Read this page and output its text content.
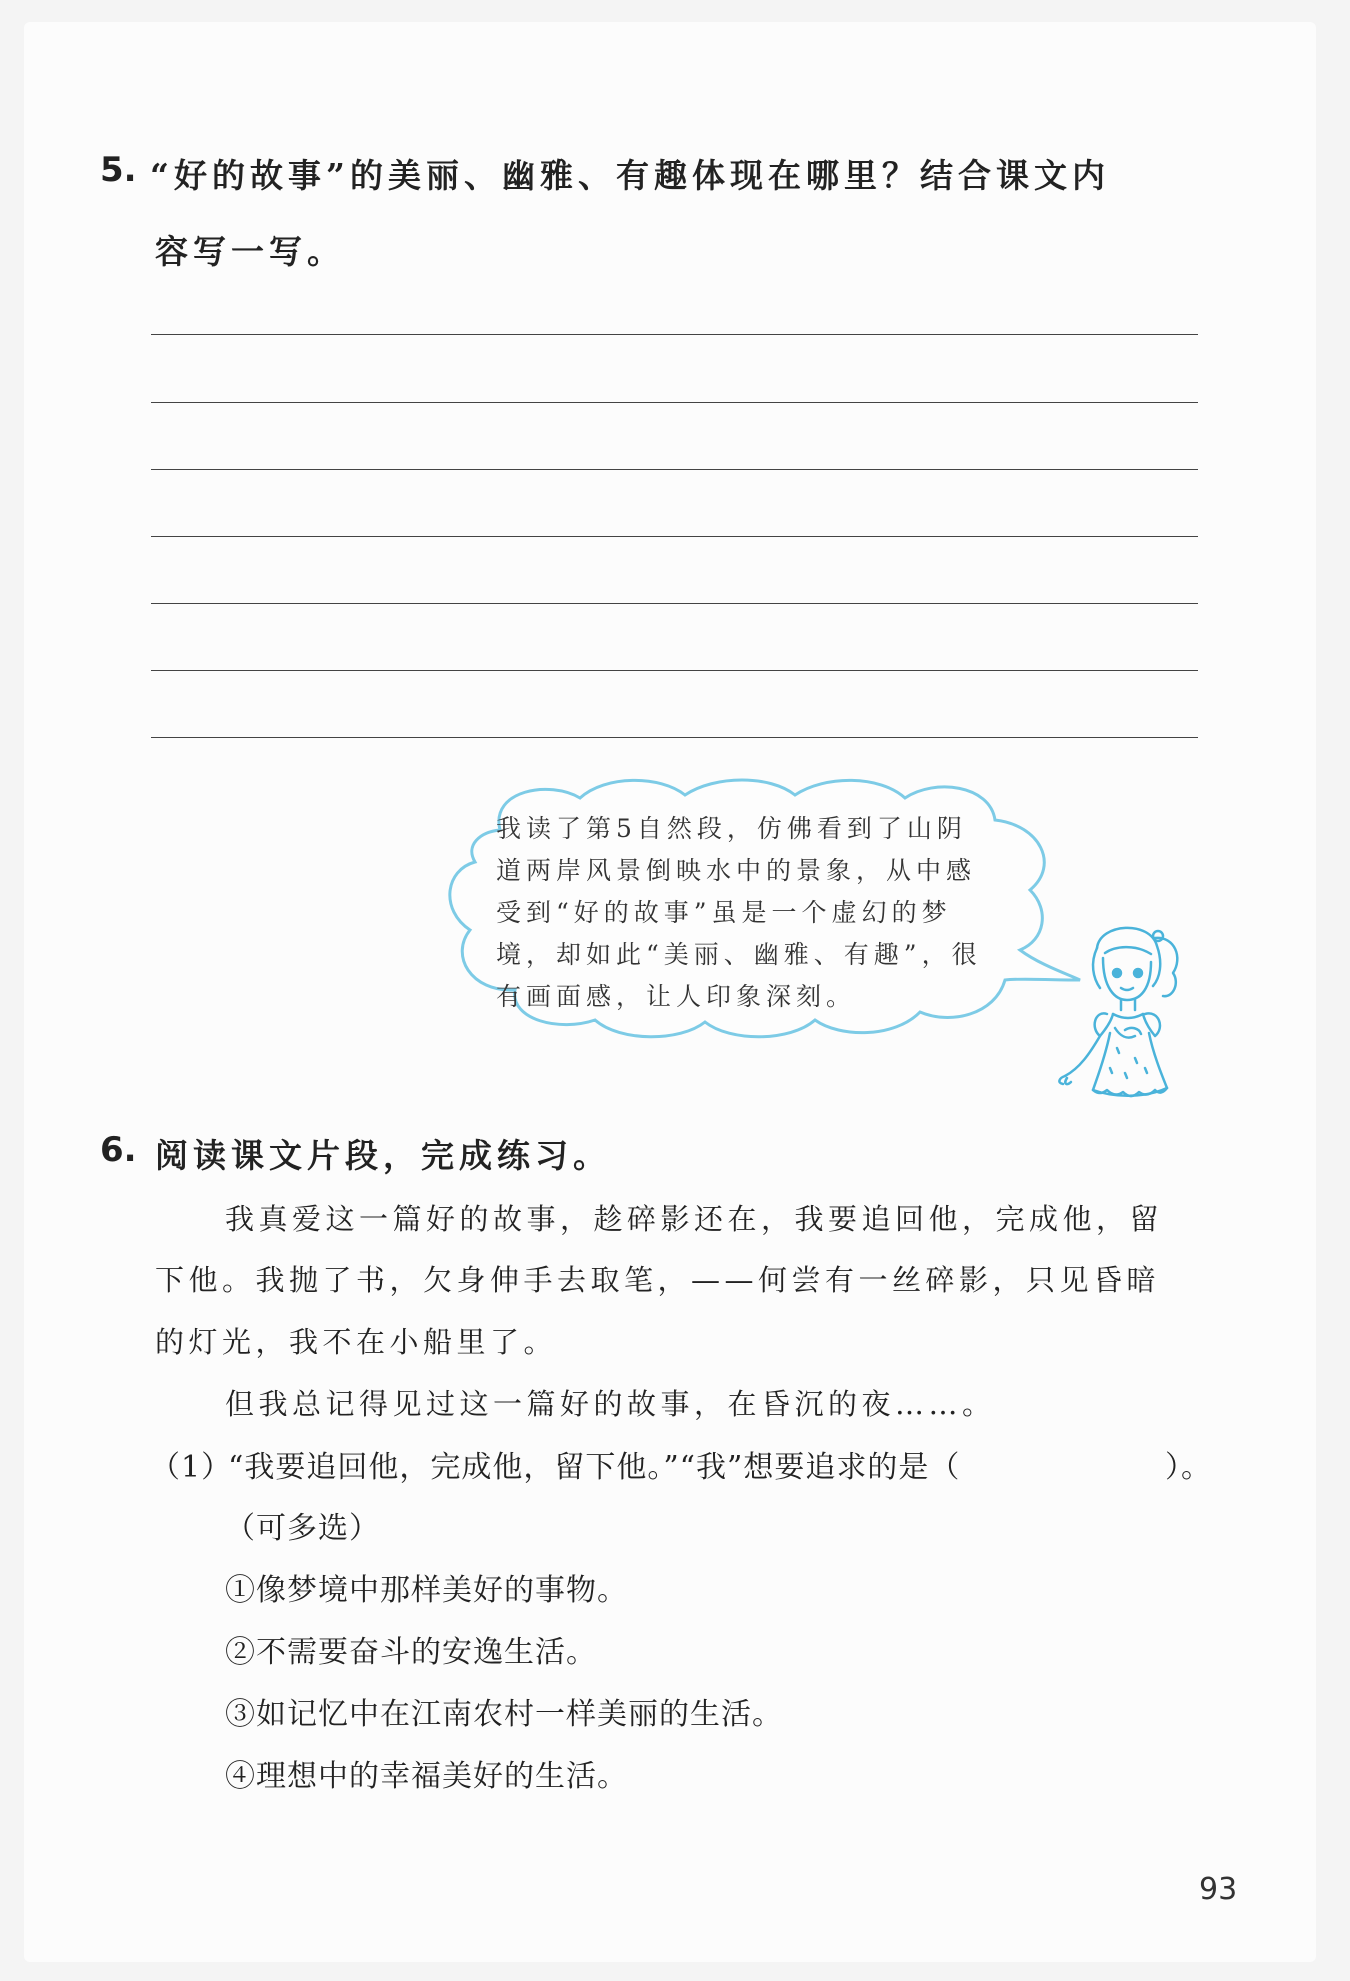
5. “好的故事”的美丽、幽雅、有趣体现在哪里？结合课文内
容写一写。
我读了第5自然段，仿佛看到了山阴道两岸风景倒映水中的景象，从中感受到“好的故事”虽是一个虚幻的梦境，却如此“美丽、幽雅、有趣”，很有画面感，让人印象深刻。
6. 阅读课文片段，完成练习。
我真爱这一篇好的故事，趁碎影还在，我要追回他，完成他，留
下他。我抛了书，欠身伸手去取笔，——何尝有一丝碎影，只见昏暗
的灯光，我不在小船里了。
但我总记得见过这一篇好的故事，在昏沉的夜……。
（1）
“我要追回他，完成他，留下他。”“我”想要追求的是（	）。
（可多选）
①像梦境中那样美好的事物。
②不需要奋斗的安逸生活。
③如记忆中在江南农村一样美丽的生活。
④理想中的幸福美好的生活。
93
